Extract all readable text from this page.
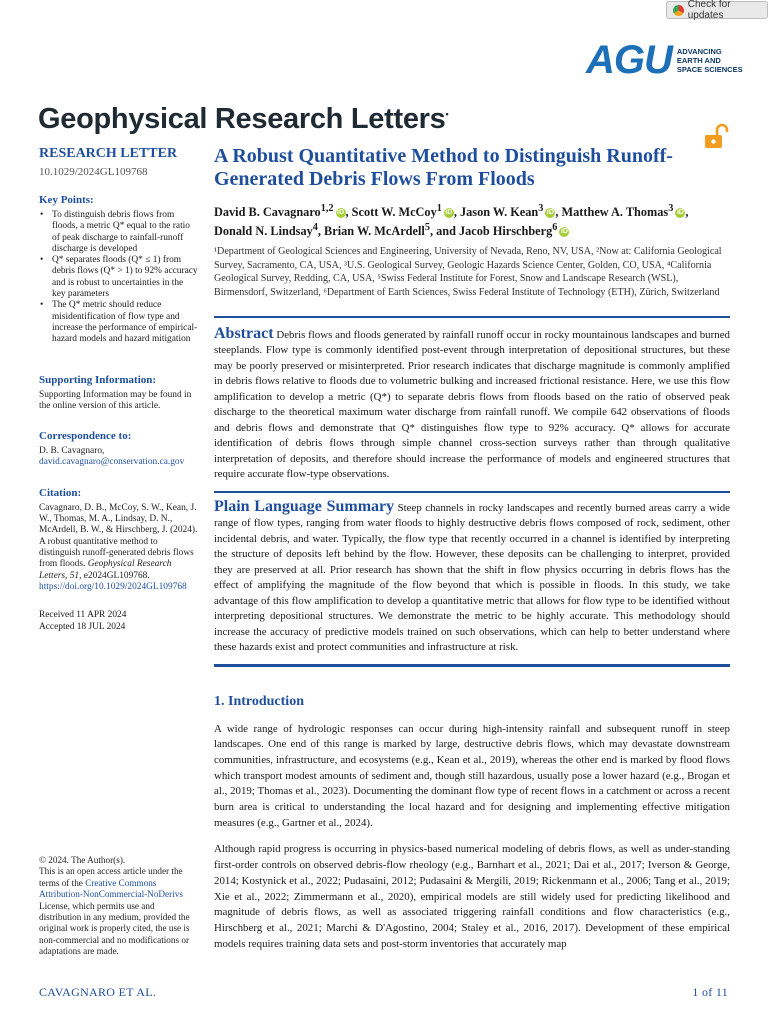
Check for updates
AGU ADVANCING
EARTH AND
SPACE SCIENCES
Geophysical Research Letters•
RESEARCH LETTER
10.1029/2024GL109768
Key Points:
• To distinguish debris flows from floods, a metric Q* equal to the ratio of peak discharge to rainfall-runoff discharge is developed
• Q* separates floods (Q* ≤ 1) from debris flows (Q* > 1) to 92% accuracy and is robust to uncertainties in the key parameters
• The Q* metric should reduce misidentification of flow type and increase the performance of empirical-hazard models and hazard mitigation
Supporting Information:
Supporting Information may be found in the online version of this article.
Correspondence to:
D. B. Cavagnaro,
david.cavagnaro@conservation.ca.gov
Citation:
Cavagnaro, D. B., McCoy, S. W., Kean, J. W., Thomas, M. A., Lindsay, D. N., McArdell, B. W., & Hirschberg, J. (2024). A robust quantitative method to distinguish runoff-generated debris flows from floods. Geophysical Research Letters, 51, e2024GL109768. https://doi.org/10.1029/2024GL109768
Received 11 APR 2024
Accepted 18 JUL 2024
© 2024. The Author(s).
This is an open access article under the terms of the Creative Commons Attribution-NonCommercial-NoDerivs License, which permits use and distribution in any medium, provided the original work is properly cited, the use is non-commercial and no modifications or adaptations are made.
A Robust Quantitative Method to Distinguish Runoff-Generated Debris Flows From Floods
David B. Cavagnaro$^{1,2}$ iD , Scott W. McCoy$^1$ iD , Jason W. Kean$^3$ iD , Matthew A. Thomas$^3$ iD ,
Donald N. Lindsay$^4$, Brian W. McArdell$^5$, and Jacob Hirschberg$^6$ iD
¹Department of Geological Sciences and Engineering, University of Nevada, Reno, NV, USA, ²Now at: California Geological Survey, Sacramento, CA, USA, ³U.S. Geological Survey, Geologic Hazards Science Center, Golden, CO, USA, ⁴California Geological Survey, Redding, CA, USA, ⁵Swiss Federal Institute for Forest, Snow and Landscape Research (WSL), Birmensdorf, Switzerland, ⁶Department of Earth Sciences, Swiss Federal Institute of Technology (ETH), Zürich, Switzerland
Abstract Debris flows and floods generated by rainfall runoff occur in rocky mountainous landscapes and burned steeplands. Flow type is commonly identified post-event through interpretation of depositional structures, but these may be poorly preserved or misinterpreted. Prior research indicates that discharge magnitude is commonly amplified in debris flows relative to floods due to volumetric bulking and increased frictional resistance. Here, we use this flow amplification to develop a metric (Q*) to separate debris flows from floods based on the ratio of observed peak discharge to the theoretical maximum water discharge from rainfall runoff. We compile 642 observations of floods and debris flows and demonstrate that Q* distinguishes flow type to 92% accuracy. Q* allows for accurate identification of debris flows through simple channel cross-section surveys rather than through qualitative interpretation of deposits, and therefore should increase the performance of models and engineered structures that require accurate flow-type observations.
Plain Language Summary Steep channels in rocky landscapes and recently burned areas carry a wide range of flow types, ranging from water floods to highly destructive debris flows composed of rock, sediment, other incidental debris, and water. Typically, the flow type that recently occurred in a channel is identified by interpreting the structure of deposits left behind by the flow. However, these deposits can be challenging to interpret, provided they are preserved at all. Prior research has shown that the shift in flow physics occurring in debris flows has the effect of amplifying the magnitude of the flow beyond that which is possible in floods. In this study, we take advantage of this flow amplification to develop a quantitative metric that allows for flow type to be identified without interpreting depositional structures. We demonstrate the metric to be highly accurate. This methodology should increase the accuracy of predictive models trained on such observations, which can help to better understand where these hazards exist and protect communities and infrastructure at risk.
1. Introduction

A wide range of hydrologic responses can occur during high-intensity rainfall and subsequent runoff in steep landscapes. One end of this range is marked by large, destructive debris flows, which may devastate downstream communities, infrastructure, and ecosystems (e.g., Kean et al., 2019), whereas the other end is marked by flood flows which transport modest amounts of sediment and, though still hazardous, usually pose a lower hazard (e.g., Brogan et al., 2019; Thomas et al., 2023). Documenting the dominant flow type of recent flows in a catchment or across a recent burn area is critical to understanding the local hazard and for designing and implementing effective mitigation measures (e.g., Gartner et al., 2024).

Although rapid progress is occurring in physics-based numerical modeling of debris flows, as well as under-standing first-order controls on observed debris-flow rheology (e.g., Barnhart et al., 2021; Dai et al., 2017; Iverson & George, 2014; Kostynick et al., 2022; Pudasaini, 2012; Pudasaini & Mergili, 2019; Rickenmann et al., 2006; Tang et al., 2019; Xie et al., 2022; Zimmermann et al., 2020), empirical models are still widely used for predicting likelihood and magnitude of debris flows, as well as associated triggering rainfall conditions and flow characteristics (e.g., Hirschberg et al., 2021; Marchi & D'Agostino, 2004; Staley et al., 2016, 2017). Development of these empirical models requires training data sets and post-storm inventories that accurately map

CAVAGNARO ET AL.	1 of 11
